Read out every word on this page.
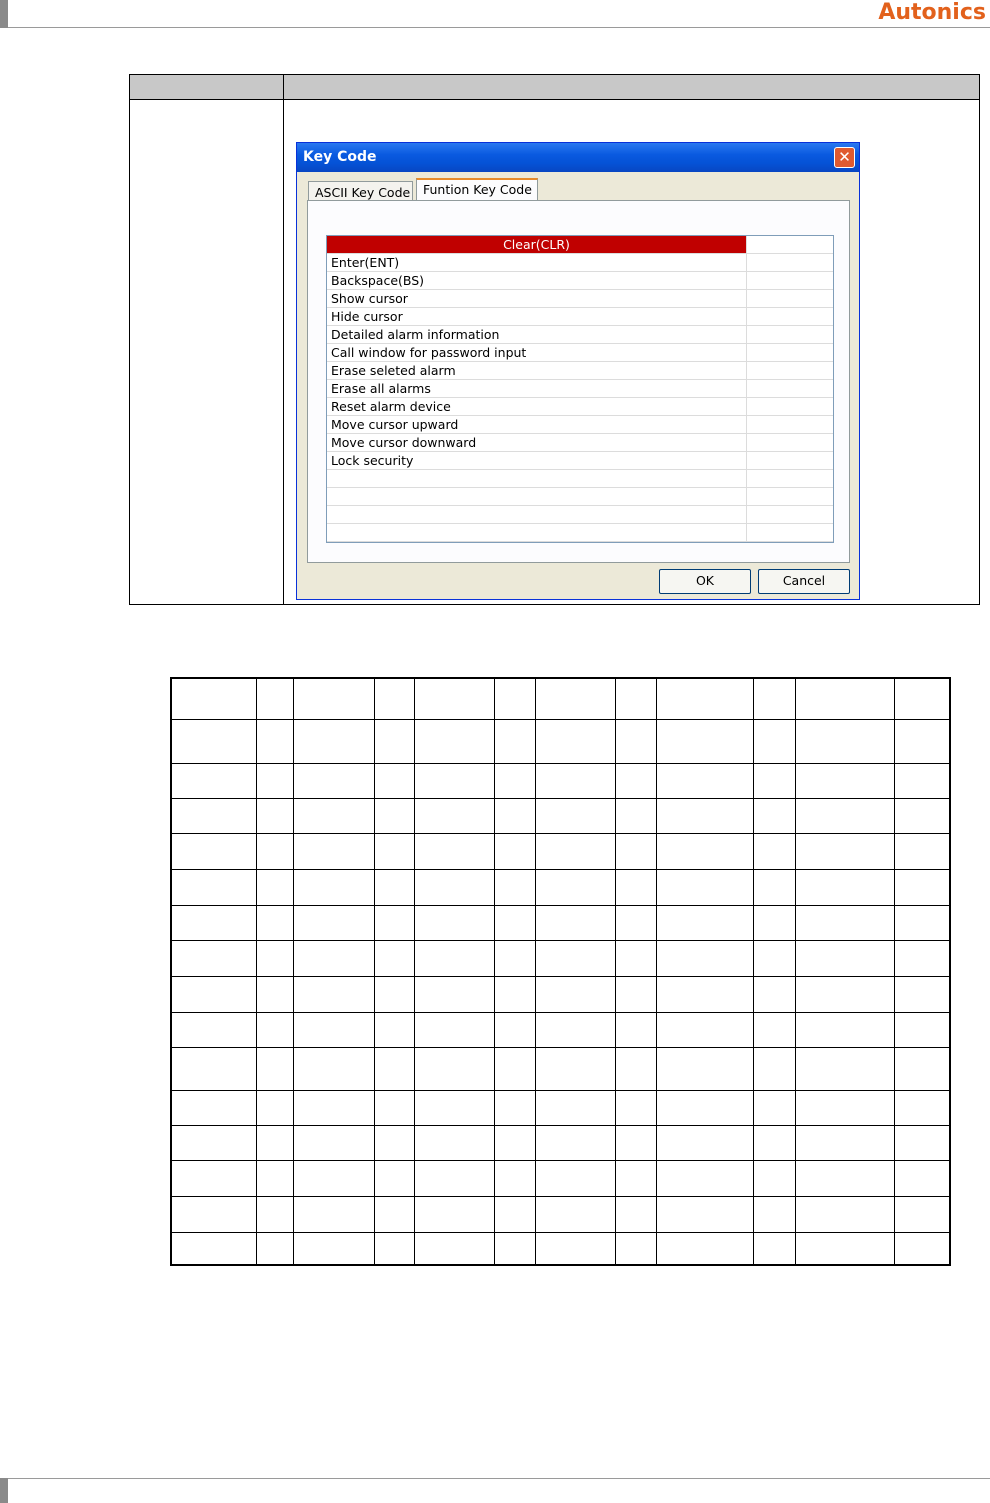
Autonics
Key Code	✕
ASCII Key Code	Funtion Key Code
Clear(CLR)
Enter(ENT)
Backspace(BS)
Show cursor
Hide cursor
Detailed alarm information
Call window for password input
Erase seleted alarm
Erase all alarms
Reset alarm device
Move cursor upward
Move cursor downward
Lock security
OK	Cancel
